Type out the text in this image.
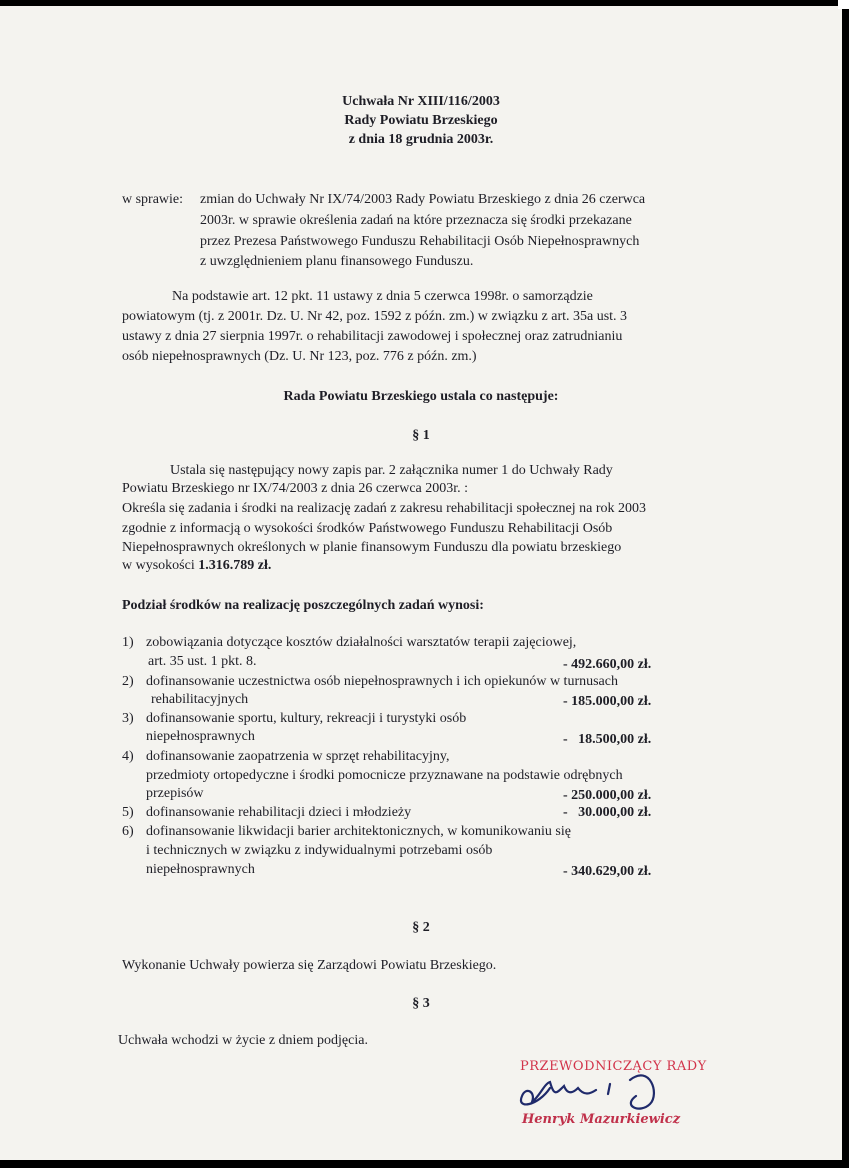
Uchwała Nr XIII/116/2003
Rady Powiatu Brzeskiego
z dnia 18 grudnia 2003r.
w sprawie: zmian do Uchwały Nr IX/74/2003 Rady Powiatu Brzeskiego z dnia 26 czerwca
2003r. w sprawie określenia zadań na które przeznacza się środki przekazane
przez Prezesa Państwowego Funduszu Rehabilitacji Osób Niepełnosprawnych
z uwzględnieniem planu finansowego Funduszu.
Na podstawie art. 12 pkt. 11 ustawy z dnia 5 czerwca 1998r. o samorządzie
powiatowym (tj. z 2001r. Dz. U. Nr 42, poz. 1592 z późn. zm.) w związku z art. 35a ust. 3
ustawy z dnia 27 sierpnia 1997r. o rehabilitacji zawodowej i społecznej oraz zatrudnianiu
osób niepełnosprawnych (Dz. U. Nr 123, poz. 776 z późn. zm.)
Rada Powiatu Brzeskiego ustala co następuje:
§ 1
Ustala się następujący nowy zapis par. 2 załącznika numer 1 do Uchwały Rady
Powiatu Brzeskiego nr IX/74/2003 z dnia 26 czerwca 2003r. :
Określa się zadania i środki na realizację zadań z zakresu rehabilitacji społecznej na rok 2003
zgodnie z informacją o wysokości środków Państwowego Funduszu Rehabilitacji Osób
Niepełnosprawnych określonych w planie finansowym Funduszu dla powiatu brzeskiego
w wysokości 1.316.789 zł.
Podział środków na realizację poszczególnych zadań wynosi:
1) zobowiązania dotyczące kosztów działalności warsztatów terapii zajęciowej,
art. 35 ust. 1 pkt. 8.	- 492.660,00 zł.
2) dofinansowanie uczestnictwa osób niepełnosprawnych i ich opiekunów w turnusach
rehabilitacyjnych	- 185.000,00 zł.
3) dofinansowanie sportu, kultury, rekreacji i turystyki osób
niepełnosprawnych	-   18.500,00 zł.
4) dofinansowanie zaopatrzenia w sprzęt rehabilitacyjny,
przedmioty ortopedyczne i środki pomocnicze przyznawane na podstawie odrębnych
przepisów	- 250.000,00 zł.
5) dofinansowanie rehabilitacji dzieci i młodzieży	-   30.000,00 zł.
6) dofinansowanie likwidacji barier architektonicznych, w komunikowaniu się
i technicznych w związku z indywidualnymi potrzebami osób
niepełnosprawnych	- 340.629,00 zł.
§ 2
Wykonanie Uchwały powierza się Zarządowi Powiatu Brzeskiego.
§ 3
Uchwała wchodzi w życie z dniem podjęcia.
PRZEWODNICZĄCY RADY
Henryk Mazurkiewicz
